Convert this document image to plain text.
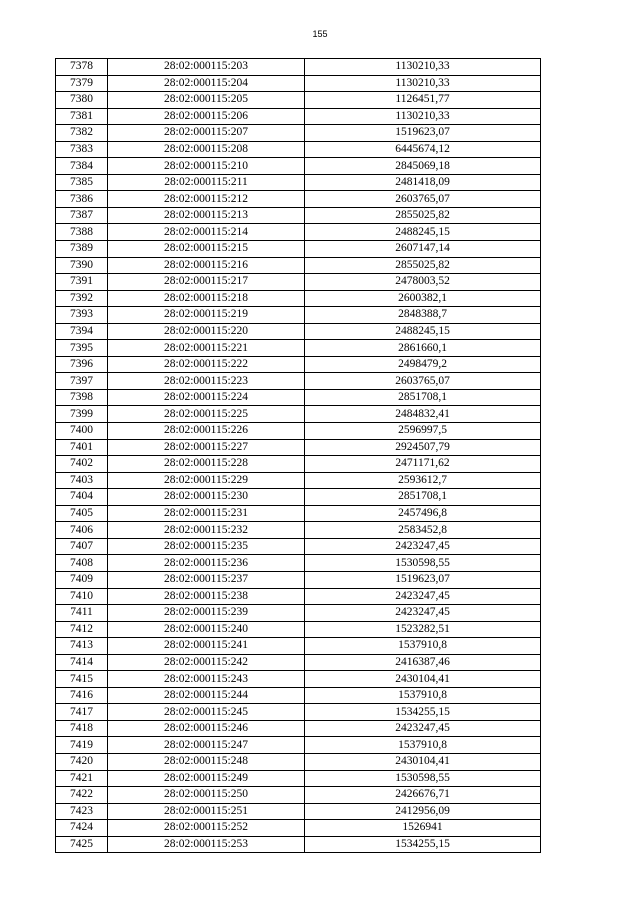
155
7378	28:02:000115:203	1130210,33
7379	28:02:000115:204	1130210,33
7380	28:02:000115:205	1126451,77
7381	28:02:000115:206	1130210,33
7382	28:02:000115:207	1519623,07
7383	28:02:000115:208	6445674,12
7384	28:02:000115:210	2845069,18
7385	28:02:000115:211	2481418,09
7386	28:02:000115:212	2603765,07
7387	28:02:000115:213	2855025,82
7388	28:02:000115:214	2488245,15
7389	28:02:000115:215	2607147,14
7390	28:02:000115:216	2855025,82
7391	28:02:000115:217	2478003,52
7392	28:02:000115:218	2600382,1
7393	28:02:000115:219	2848388,7
7394	28:02:000115:220	2488245,15
7395	28:02:000115:221	2861660,1
7396	28:02:000115:222	2498479,2
7397	28:02:000115:223	2603765,07
7398	28:02:000115:224	2851708,1
7399	28:02:000115:225	2484832,41
7400	28:02:000115:226	2596997,5
7401	28:02:000115:227	2924507,79
7402	28:02:000115:228	2471171,62
7403	28:02:000115:229	2593612,7
7404	28:02:000115:230	2851708,1
7405	28:02:000115:231	2457496,8
7406	28:02:000115:232	2583452,8
7407	28:02:000115:235	2423247,45
7408	28:02:000115:236	1530598,55
7409	28:02:000115:237	1519623,07
7410	28:02:000115:238	2423247,45
7411	28:02:000115:239	2423247,45
7412	28:02:000115:240	1523282,51
7413	28:02:000115:241	1537910,8
7414	28:02:000115:242	2416387,46
7415	28:02:000115:243	2430104,41
7416	28:02:000115:244	1537910,8
7417	28:02:000115:245	1534255,15
7418	28:02:000115:246	2423247,45
7419	28:02:000115:247	1537910,8
7420	28:02:000115:248	2430104,41
7421	28:02:000115:249	1530598,55
7422	28:02:000115:250	2426676,71
7423	28:02:000115:251	2412956,09
7424	28:02:000115:252	1526941
7425	28:02:000115:253	1534255,15
